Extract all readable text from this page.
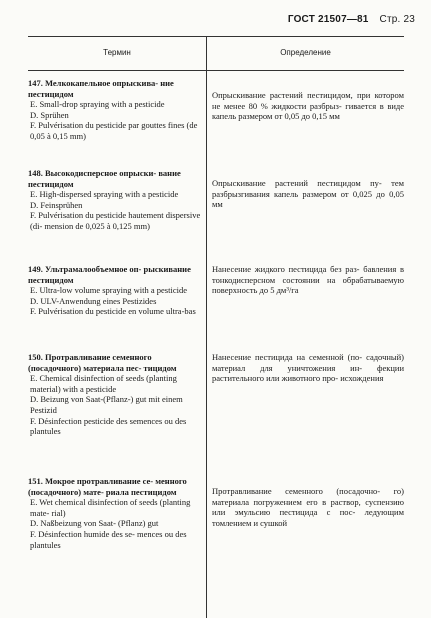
ГОСТ 21507—81 Стр. 23
Термин	Определение
147. Мелкокапельное опрыскива- ние пестицидом
E. Small-drop spraying with a pesticide
D. Sprühen
F. Pulvérisation du pesticide par gouttes fines (de 0,05 à 0,15 mm)
Опрыскивание растений пестицидом, при котором не менее 80 % жидкости разбрыз- гивается в виде капель размером от 0,05 до 0,15 мм
148. Высокодисперсное опрыски- вание пестицидом
E. High-dispersed spraying with a pesticide
D. Feinsprühen
F. Pulvérisation du pesticide hautement dispersive (di- mension de 0,025 à 0,125 mm)
Опрыскивание растений пестицидом пу- тем разбрызгивания капель размером от 0,025 до 0,05 мм
149. Ультрамалообъемное оп- рыскивание пестицидом
E. Ultra-low volume spraying with a pesticide
D. ULV-Anwendung eines Pestizides
F. Pulvérisation du pesticide en volume ultra-bas
Нанесение жидкого пестицида без раз- бавления в тонкодисперсном состоянии на обрабатываемую поверхность до 5 дм³/га
150. Протравливание семенного (посадочного) материала пес- тицидом
E. Chemical disinfection of seeds (planting material) with a pesticide
D. Beizung von Saat-(Pflanz-) gut mit einem Pestizid
F. Désinfection pesticide des semences ou des plantules
Нанесение пестицида на семенной (по- садочный) материал для уничтожения ин- фекции растительного или животного про- исхождения
151. Мокрое протравливание се- менного (посадочного) мате- риала пестицидом
E. Wet chemical disinfection of seeds (planting mate- rial)
D. Naßbeizung von Saat- (Pflanz) gut
F. Désinfection humide des se- mences ou des plantules
Протравливание семенного (посадочно- го) материала погружением его в раствор, суспензию или эмульсию пестицида с пос- ледующим томлением и сушкой
